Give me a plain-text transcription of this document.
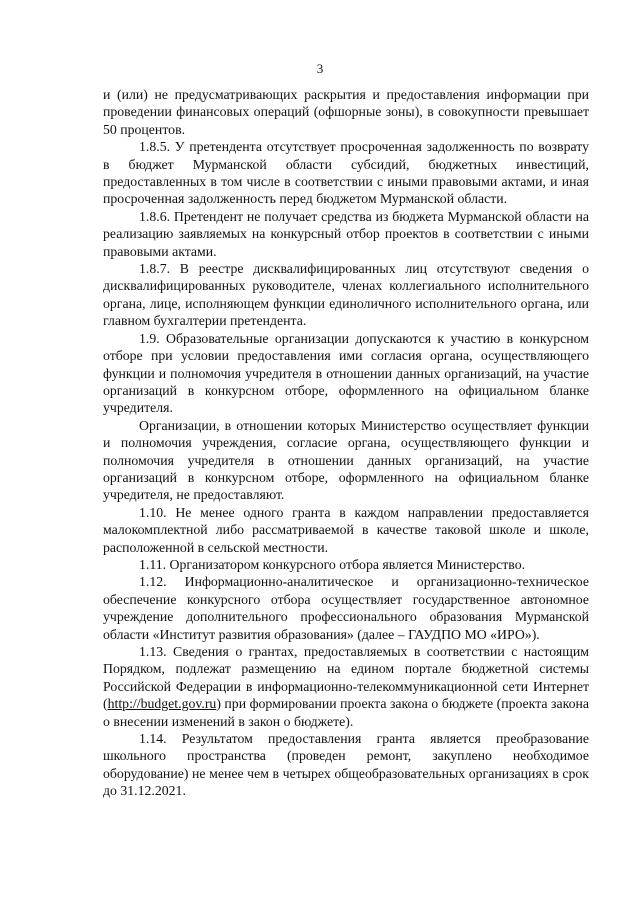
3

и (или) не предусматривающих раскрытия и предоставления информации при проведении финансовых операций (офшорные зоны), в совокупности превышает 50 процентов.

1.8.5. У претендента отсутствует просроченная задолженность по возврату в бюджет Мурманской области субсидий, бюджетных инвестиций, предоставленных в том числе в соответствии с иными правовыми актами, и иная просроченная задолженность перед бюджетом Мурманской области.

1.8.6. Претендент не получает средства из бюджета Мурманской области на реализацию заявляемых на конкурсный отбор проектов в соответствии с иными правовыми актами.

1.8.7. В реестре дисквалифицированных лиц отсутствуют сведения о дисквалифицированных руководителе, членах коллегиального исполнительного органа, лице, исполняющем функции единоличного исполнительного органа, или главном бухгалтерии претендента.

1.9. Образовательные организации допускаются к участию в конкурсном отборе при условии предоставления ими согласия органа, осуществляющего функции и полномочия учредителя в отношении данных организаций, на участие организаций в конкурсном отборе, оформленного на официальном бланке учредителя.

Организации, в отношении которых Министерство осуществляет функции и полномочия учреждения, согласие органа, осуществляющего функции и полномочия учредителя в отношении данных организаций, на участие организаций в конкурсном отборе, оформленного на официальном бланке учредителя, не предоставляют.

1.10. Не менее одного гранта в каждом направлении предоставляется малокомплектной либо рассматриваемой в качестве таковой школе и школе, расположенной в сельской местности.

1.11. Организатором конкурсного отбора является Министерство.

1.12. Информационно-аналитическое и организационно-техническое обеспечение конкурсного отбора осуществляет государственное автономное учреждение дополнительного профессионального образования Мурманской области «Институт развития образования» (далее – ГАУДПО МО «ИРО»).

1.13. Сведения о грантах, предоставляемых в соответствии с настоящим Порядком, подлежат размещению на едином портале бюджетной системы Российской Федерации в информационно-телекоммуникационной сети Интернет (http://budget.gov.ru) при формировании проекта закона о бюджете (проекта закона о внесении изменений в закон о бюджете).

1.14. Результатом предоставления гранта является преобразование школьного пространства (проведен ремонт, закуплено необходимое оборудование) не менее чем в четырех общеобразовательных организациях в срок до 31.12.2021.
